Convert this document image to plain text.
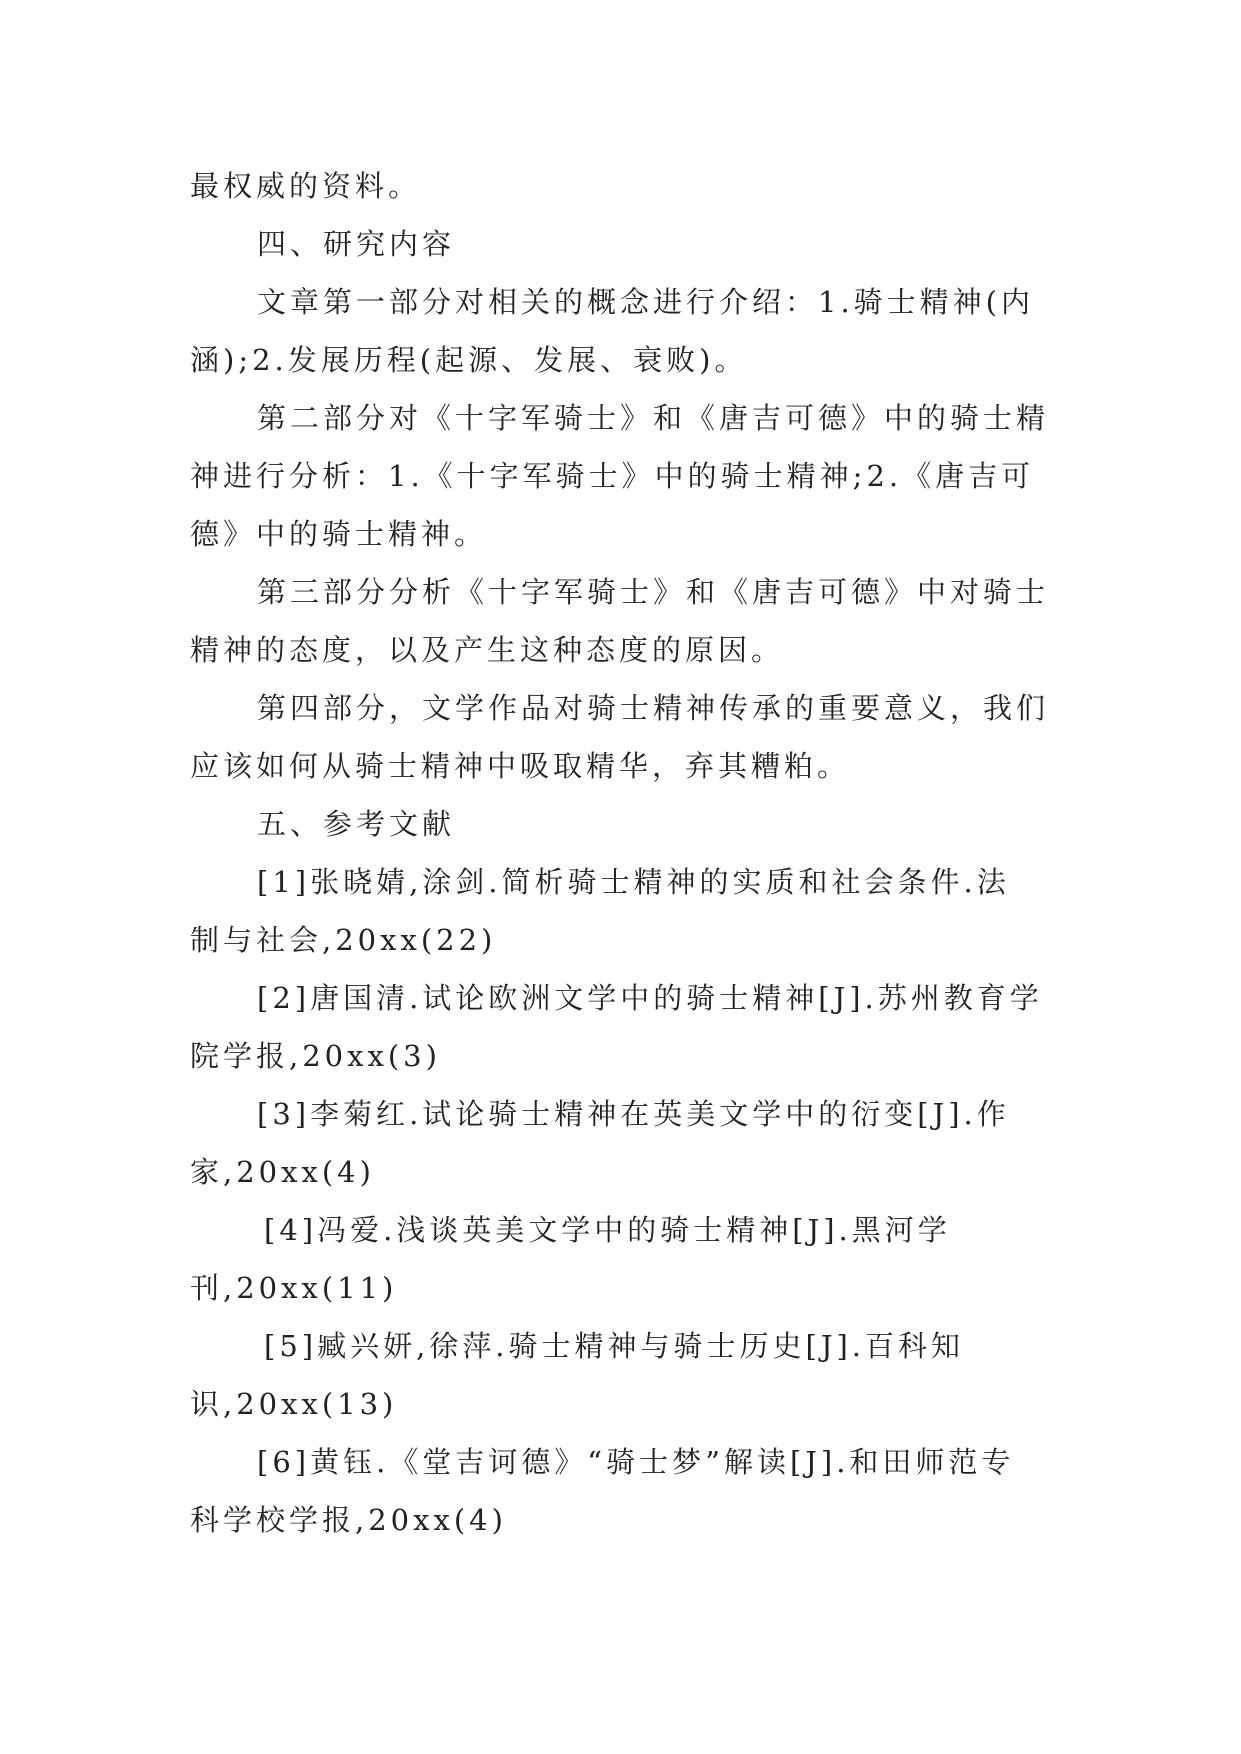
最权威的资料。
四、研究内容
文章第一部分对相关的概念进行介绍：1.骑士精神(内
涵);2.发展历程(起源、发展、衰败)。
第二部分对《十字军骑士》和《唐吉可德》中的骑士精
神进行分析：1.《十字军骑士》中的骑士精神;2.《唐吉可
德》中的骑士精神。
第三部分分析《十字军骑士》和《唐吉可德》中对骑士
精神的态度，以及产生这种态度的原因。
第四部分，文学作品对骑士精神传承的重要意义，我们
应该如何从骑士精神中吸取精华，弃其糟粕。
五、参考文献
[1]张晓婧,涂剑.简析骑士精神的实质和社会条件.法
制与社会,20xx(22)
[2]唐国清.试论欧洲文学中的骑士精神[J].苏州教育学
院学报,20xx(3)
[3]李菊红.试论骑士精神在英美文学中的衍变[J].作
家,20xx(4)
[4]冯爱.浅谈英美文学中的骑士精神[J].黑河学
刊,20xx(11)
[5]臧兴妍,徐萍.骑士精神与骑士历史[J].百科知
识,20xx(13)
[6]黄钰.《堂吉诃德》“骑士梦”解读[J].和田师范专
科学校学报,20xx(4)
